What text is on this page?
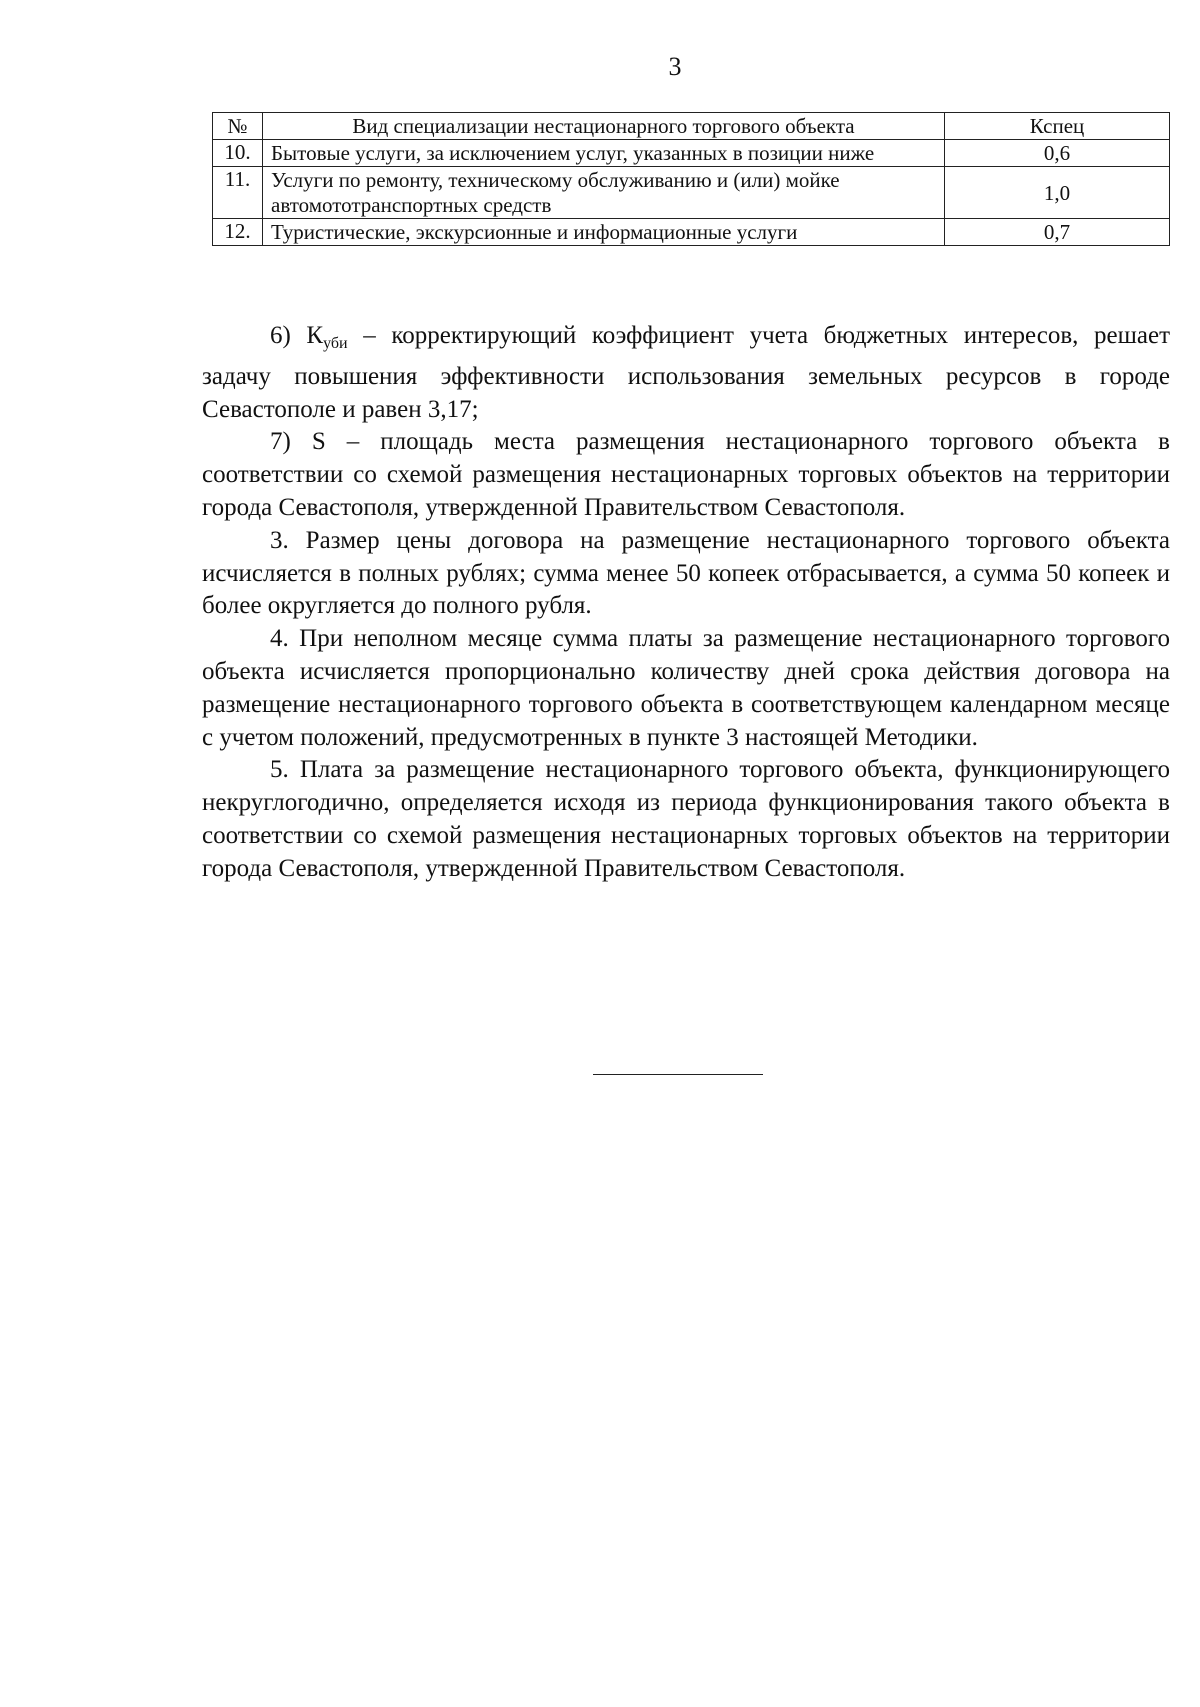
3
№	Вид специализации нестационарного торгового объекта	Кспец
10.	Бытовые услуги, за исключением услуг, указанных в позиции ниже	0,6
11.	Услуги по ремонту, техническому обслуживанию и (или) мойке автомототранспортных средств	1,0
12.	Туристические, экскурсионные и информационные услуги	0,7

6) $К_{уби}$ – корректирующий коэффициент учета бюджетных интересов, решает задачу повышения эффективности использования земельных ресурсов в городе Севастополе и равен 3,17;

7) S – площадь места размещения нестационарного торгового объекта в соответствии со схемой размещения нестационарных торговых объектов на территории города Севастополя, утвержденной Правительством Севастополя.

3. Размер цены договора на размещение нестационарного торгового объекта исчисляется в полных рублях; сумма менее 50 копеек отбрасывается, а сумма 50 копеек и более округляется до полного рубля.

4. При неполном месяце сумма платы за размещение нестационарного торгового объекта исчисляется пропорционально количеству дней срока действия договора на размещение нестационарного торгового объекта в соответствующем календарном месяце с учетом положений, предусмотренных в пункте 3 настоящей Методики.

5. Плата за размещение нестационарного торгового объекта, функционирующего некруглогодично, определяется исходя из периода функционирования такого объекта в соответствии со схемой размещения нестационарных торговых объектов на территории города Севастополя, утвержденной Правительством Севастополя.
